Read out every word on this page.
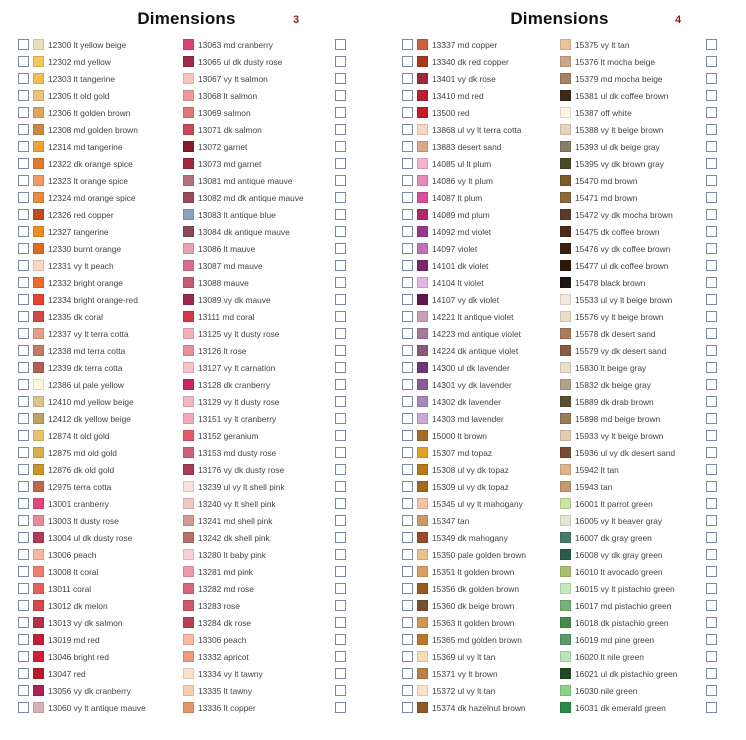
Dimensions	3
12300 lt yellow beige
12302 md yellow
12303 lt tangerine
12305 lt old gold
12306 lt golden brown
12308 md golden brown
12314 md tangerine
12322 dk orange spice
12323 lt orange spice
12324 md orange spice
12326 red copper
12327 tangerine
12330 burnt orange
12331 vy lt peach
12332 bright orange
12334 bright orange-red
12335 dk coral
12337 vy lt terra cotta
12338 md terra cotta
12339 dk terra cotta
12386 ul pale yellow
12410 md yellow beige
12412 dk yellow beige
12874 lt old gold
12875 md old gold
12876 dk old gold
12975 terra cotta
13001 cranberry
13003 lt dusty rose
13004 ul dk dusty rose
13006 peach
13008 lt coral
13011 coral
13012 dk melon
13013 vy dk salmon
13019 md red
13046 bright red
13047 red
13056 vy dk cranberry
13060 vy lt antique mauve
13063 md cranberry
13065 ul dk dusty rose
13067 vy lt salmon
13068 lt salmon
13069 salmon
13071 dk salmon
13072 garnet
13073 md garnet
13081 md antique mauve
13082 md dk antique mauve
13083 lt antique blue
13084 dk antique mauve
13086 lt mauve
13087 md mauve
13088 mauve
13089 vy dk mauve
13111 md coral
13125 vy lt dusty rose
13126 lt rose
13127 vy lt carnation
13128 dk cranberry
13129 vy lt dusty rose
13151 vy lt cranberry
13152 geranium
13153 md dusty rose
13176 vy dk dusty rose
13239 ul vy lt shell pink
13240 vy lt shell pink
13241 md shell pink
13242 dk shell pink
13280 lt baby pink
13281 md pink
13282 md rose
13283 rose
13284 dk rose
13306 peach
13332 apricot
13334 vy lt tawny
13335 lt tawny
13336 lt copper
Dimensions	4
13337 md copper
13340 dk red copper
13401 vy dk rose
13410 md red
13500 red
13868 ul vy lt terra cotta
13883 desert sand
14085 ul lt plum
14086 vy lt plum
14087 lt plum
14089 md plum
14092 md violet
14097 violet
14101 dk violet
14104 lt violet
14107 vy dk violet
14221 lt antique violet
14223 md antique violet
14224 dk antique violet
14300 ul dk lavender
14301 vy dk lavender
14302 dk lavender
14303 md lavender
15000 lt brown
15307 md topaz
15308 ul vy dk topaz
15309 ul vy dk topaz
15345 ul vy lt mahogany
15347 tan
15349 dk mahogany
15350 pale golden brown
15351 lt golden brown
15356 dk golden brown
15360 dk beige brown
15363 lt golden brown
15365 md golden brown
15369 ul vy lt tan
15371 vy lt brown
15372 ul vy lt tan
15374 dk hazelnut brown
15375 vy lt tan
15376 lt mocha beige
15379 md mocha beige
15381 ul dk coffee brown
15387 off white
15388 vy lt beige brown
15393 ul dk beige gray
15395 vy dk brown gray
15470 md brown
15471 md brown
15472 vy dk mocha brown
15475 dk coffee brown
15476 vy dk coffee brown
15477 ul dk coffee brown
15478 black brown
15533 ul vy lt beige brown
15576 vy lt beige brown
15578 dk desert sand
15579 vy dk desert sand
15830 lt beige gray
15832 dk beige gray
15889 dk drab brown
15898 md beige brown
15933 vy lt beige brown
15936 ul vy dk desert sand
15942 lt tan
15943 tan
16001 lt parrot green
16005 vy lt beaver gray
16007 dk gray green
16008 vy dk gray green
16010 lt avocado green
16015 vy lt pistachio green
16017 md pistachio green
16018 dk pistachio green
16019 md pine green
16020 lt nile green
16021 ul dk pistachio green
16030 nile green
16031 dk emerald green
